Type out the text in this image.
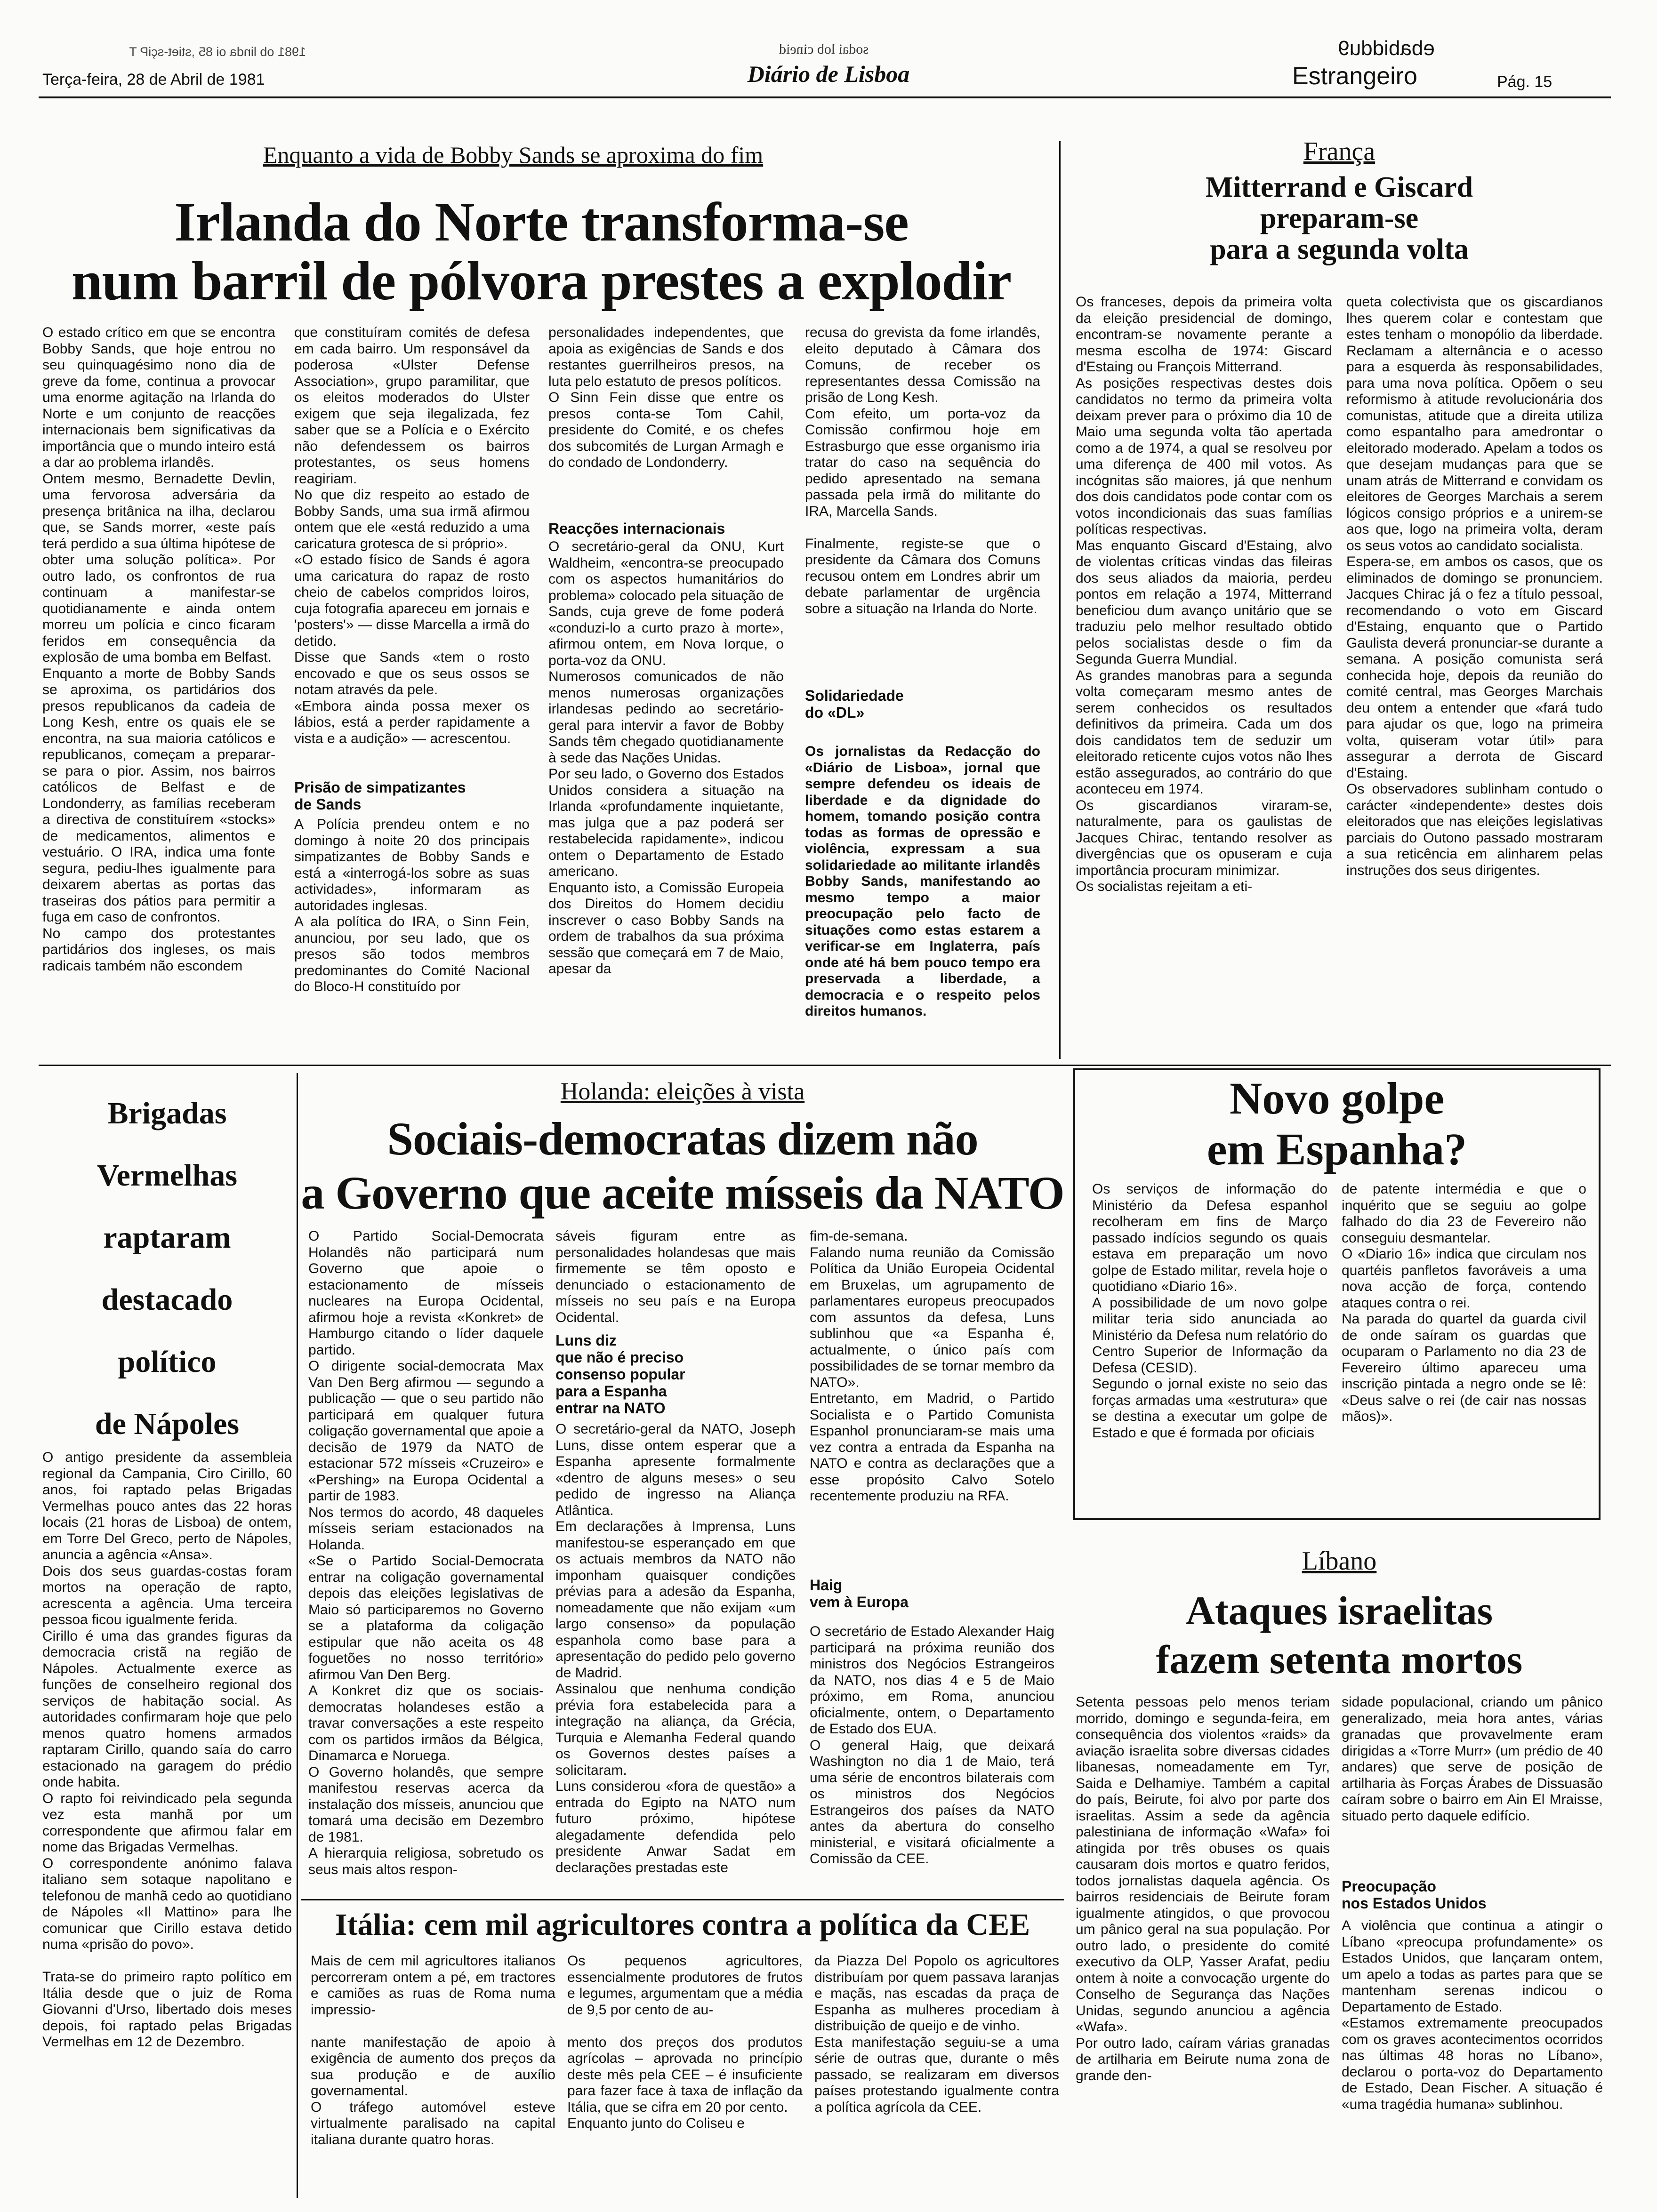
1981 ob linda oi 85 ,stiet-sçiP T
Terça-feira, 28 de Abril de 1981
sodai lob cineid
Diário de Lisboa
ebabiddu9
Estrangeiro	Pág. 15
Enquanto a vida de Bobby Sands se aproxima do fim
Irlanda do Norte transforma-se
num barril de pólvora prestes a explodir
O estado crítico em que se encontra Bobby Sands, que hoje entrou no seu quinquagésimo nono dia de greve da fome, continua a provocar uma enorme agitação na Irlanda do Norte e um conjunto de reacções internacionais bem significativas da importância que o mundo inteiro está a dar ao problema irlandês.
Ontem mesmo, Bernadette Devlin, uma fervorosa adversária da presença britânica na ilha, declarou que, se Sands morrer, «este país terá perdido a sua última hipótese de obter uma solução política». Por outro lado, os confrontos de rua continuam a manifestar-se quotidianamente e ainda ontem morreu um polícia e cinco ficaram feridos em consequência da explosão de uma bomba em Belfast.
Enquanto a morte de Bobby Sands se aproxima, os partidários dos presos republicanos da cadeia de Long Kesh, entre os quais ele se encontra, na sua maioria católicos e republicanos, começam a preparar-se para o pior. Assim, nos bairros católicos de Belfast e de Londonderry, as famílias receberam a directiva de constituírem «stocks» de medicamentos, alimentos e vestuário. O IRA, indica uma fonte segura, pediu-lhes igualmente para deixarem abertas as portas das traseiras dos pátios para permitir a fuga em caso de confrontos.
No campo dos protestantes partidários dos ingleses, os mais radicais também não escondem
que constituíram comités de defesa em cada bairro. Um responsável da poderosa «Ulster Defense Association», grupo paramilitar, que os eleitos moderados do Ulster exigem que seja ilegalizada, fez saber que se a Polícia e o Exército não defendessem os bairros protestantes, os seus homens reagiriam.
No que diz respeito ao estado de Bobby Sands, uma sua irmã afirmou ontem que ele «está reduzido a uma caricatura grotesca de si próprio».
«O estado físico de Sands é agora uma caricatura do rapaz de rosto cheio de cabelos compridos loiros, cuja fotografia apareceu em jornais e 'posters'» — disse Marcella a irmã do detido.
Disse que Sands «tem o rosto encovado e que os seus ossos se notam através da pele.
«Embora ainda possa mexer os lábios, está a perder rapidamente a vista e a audição» — acrescentou.
Prisão de simpatizantes
de Sands
A Polícia prendeu ontem e no domingo à noite 20 dos principais simpatizantes de Bobby Sands e está a «interrogá-los sobre as suas actividades», informaram as autoridades inglesas.
A ala política do IRA, o Sinn Fein, anunciou, por seu lado, que os presos são todos membros predominantes do Comité Nacional do Bloco-H constituído por
personalidades independentes, que apoia as exigências de Sands e dos restantes guerrilheiros presos, na luta pelo estatuto de presos políticos.
O Sinn Fein disse que entre os presos conta-se Tom Cahil, presidente do Comité, e os chefes dos subcomités de Lurgan Armagh e do condado de Londonderry.
Reacções internacionais
O secretário-geral da ONU, Kurt Waldheim, «encontra-se preocupado com os aspectos humanitários do problema» colocado pela situação de Sands, cuja greve de fome poderá «conduzi-lo a curto prazo à morte», afirmou ontem, em Nova Iorque, o porta-voz da ONU.
Numerosos comunicados de não menos numerosas organizações irlandesas pedindo ao secretário-geral para intervir a favor de Bobby Sands têm chegado quotidianamente à sede das Nações Unidas.
Por seu lado, o Governo dos Estados Unidos considera a situação na Irlanda «profundamente inquietante, mas julga que a paz poderá ser restabelecida rapidamente», indicou ontem o Departamento de Estado americano.
Enquanto isto, a Comissão Europeia dos Direitos do Homem decidiu inscrever o caso Bobby Sands na ordem de trabalhos da sua próxima sessão que começará em 7 de Maio, apesar da
recusa do grevista da fome irlandês, eleito deputado à Câmara dos Comuns, de receber os representantes dessa Comissão na prisão de Long Kesh.
Com efeito, um porta-voz da Comissão confirmou hoje em Estrasburgo que esse organismo iria tratar do caso na sequência do pedido apresentado na semana passada pela irmã do militante do IRA, Marcella Sands.

Finalmente, registe-se que o presidente da Câmara dos Comuns recusou ontem em Londres abrir um debate parlamentar de urgência sobre a situação na Irlanda do Norte.
Solidariedade
do «DL»
Os jornalistas da Redacção do «Diário de Lisboa», jornal que sempre defendeu os ideais de liberdade e da dignidade do homem, tomando posição contra todas as formas de opressão e violência, expressam a sua solidariedade ao militante irlandês Bobby Sands, manifestando ao mesmo tempo a maior preocupação pelo facto de situações como estas estarem a verificar-se em Inglaterra, país onde até há bem pouco tempo era preservada a liberdade, a democracia e o respeito pelos direitos humanos.
França
Mitterrand e Giscard
preparam-se
para a segunda volta
Os franceses, depois da primeira volta da eleição presidencial de domingo, encontram-se novamente perante a mesma escolha de 1974: Giscard d'Estaing ou François Mitterrand.
As posições respectivas destes dois candidatos no termo da primeira volta deixam prever para o próximo dia 10 de Maio uma segunda volta tão apertada como a de 1974, a qual se resolveu por uma diferença de 400 mil votos. As incógnitas são maiores, já que nenhum dos dois candidatos pode contar com os votos incondicionais das suas famílias políticas respectivas.
Mas enquanto Giscard d'Estaing, alvo de violentas críticas vindas das fileiras dos seus aliados da maioria, perdeu pontos em relação a 1974, Mitterrand beneficiou dum avanço unitário que se traduziu pelo melhor resultado obtido pelos socialistas desde o fim da Segunda Guerra Mundial.
As grandes manobras para a segunda volta começaram mesmo antes de serem conhecidos os resultados definitivos da primeira. Cada um dos dois candidatos tem de seduzir um eleitorado reticente cujos votos não lhes estão assegurados, ao contrário do que aconteceu em 1974.
Os giscardianos viraram-se, naturalmente, para os gaulistas de Jacques Chirac, tentando resolver as divergências que os opuseram e cuja importância procuram minimizar.
Os socialistas rejeitam a eti-
queta colectivista que os giscardianos lhes querem colar e contestam que estes tenham o monopólio da liberdade. Reclamam a alternância e o acesso para a esquerda às responsabilidades, para uma nova política. Opõem o seu reformismo à atitude revolucionária dos comunistas, atitude que a direita utiliza como espantalho para amedrontar o eleitorado moderado. Apelam a todos os que desejam mudanças para que se unam atrás de Mitterrand e convidam os eleitores de Georges Marchais a serem lógicos consigo próprios e a unirem-se aos que, logo na primeira volta, deram os seus votos ao candidato socialista.
Espera-se, em ambos os casos, que os eliminados de domingo se pronunciem. Jacques Chirac já o fez a título pessoal, recomendando o voto em Giscard d'Estaing, enquanto que o Partido Gaulista deverá pronunciar-se durante a semana. A posição comunista será conhecida hoje, depois da reunião do comité central, mas Georges Marchais deu ontem a entender que «fará tudo para ajudar os que, logo na primeira volta, quiseram votar útil» para assegurar a derrota de Giscard d'Estaing.
Os observadores sublinham contudo o carácter «independente» destes dois eleitorados que nas eleições legislativas parciais do Outono passado mostraram a sua reticência em alinharem pelas instruções dos seus dirigentes.
Brigadas
Vermelhas
raptaram
destacado
político
de Nápoles
O antigo presidente da assembleia regional da Campania, Ciro Cirillo, 60 anos, foi raptado pelas Brigadas Vermelhas pouco antes das 22 horas locais (21 horas de Lisboa) de ontem, em Torre Del Greco, perto de Nápoles, anuncia a agência «Ansa».
Dois dos seus guardas-costas foram mortos na operação de rapto, acrescenta a agência. Uma terceira pessoa ficou igualmente ferida.
Cirillo é uma das grandes figuras da democracia cristã na região de Nápoles. Actualmente exerce as funções de conselheiro regional dos serviços de habitação social. As autoridades confirmaram hoje que pelo menos quatro homens armados raptaram Cirillo, quando saía do carro estacionado na garagem do prédio onde habita.
O rapto foi reivindicado pela segunda vez esta manhã por um correspondente que afirmou falar em nome das Brigadas Vermelhas.
O correspondente anónimo falava italiano sem sotaque napolitano e telefonou de manhã cedo ao quotidiano de Nápoles «Il Mattino» para lhe comunicar que Cirillo estava detido numa «prisão do povo».

Trata-se do primeiro rapto político em Itália desde que o juiz de Roma Giovanni d'Urso, libertado dois meses depois, foi raptado pelas Brigadas Vermelhas em 12 de Dezembro.
Holanda: eleições à vista
Sociais-democratas dizem não
a Governo que aceite mísseis da NATO
O Partido Social-Democrata Holandês não participará num Governo que apoie o estacionamento de mísseis nucleares na Europa Ocidental, afirmou hoje a revista «Konkret» de Hamburgo citando o líder daquele partido.
O dirigente social-democrata Max Van Den Berg afirmou — segundo a publicação — que o seu partido não participará em qualquer futura coligação governamental que apoie a decisão de 1979 da NATO de estacionar 572 mísseis «Cruzeiro» e «Pershing» na Europa Ocidental a partir de 1983.
Nos termos do acordo, 48 daqueles mísseis seriam estacionados na Holanda.
«Se o Partido Social-Democrata entrar na coligação governamental depois das eleições legislativas de Maio só participaremos no Governo se a plataforma da coligação estipular que não aceita os 48 foguetões no nosso território» afirmou Van Den Berg.
A Konkret diz que os sociais-democratas holandeses estão a travar conversações a este respeito com os partidos irmãos da Bélgica, Dinamarca e Noruega.
O Governo holandês, que sempre manifestou reservas acerca da instalação dos mísseis, anunciou que tomará uma decisão em Dezembro de 1981.
A hierarquia religiosa, sobretudo os seus mais altos respon-
sáveis figuram entre as personalidades holandesas que mais firmemente se têm oposto e denunciado o estacionamento de mísseis no seu país e na Europa Ocidental.
Luns diz
que não é preciso
consenso popular
para a Espanha
entrar na NATO
O secretário-geral da NATO, Joseph Luns, disse ontem esperar que a Espanha apresente formalmente «dentro de alguns meses» o seu pedido de ingresso na Aliança Atlântica.
Em declarações à Imprensa, Luns manifestou-se esperançado em que os actuais membros da NATO não imponham quaisquer condições prévias para a adesão da Espanha, nomeadamente que não exijam «um largo consenso» da população espanhola como base para a apresentação do pedido pelo governo de Madrid.
Assinalou que nenhuma condição prévia fora estabelecida para a integração na aliança, da Grécia, Turquia e Alemanha Federal quando os Governos destes países a solicitaram.
Luns considerou «fora de questão» a entrada do Egipto na NATO num futuro próximo, hipótese alegadamente defendida pelo presidente Anwar Sadat em declarações prestadas este
fim-de-semana.
Falando numa reunião da Comissão Política da União Europeia Ocidental em Bruxelas, um agrupamento de parlamentares europeus preocupados com assuntos da defesa, Luns sublinhou que «a Espanha é, actualmente, o único país com possibilidades de se tornar membro da NATO».
Entretanto, em Madrid, o Partido Socialista e o Partido Comunista Espanhol pronunciaram-se mais uma vez contra a entrada da Espanha na NATO e contra as declarações que a esse propósito Calvo Sotelo recentemente produziu na RFA.
Haig
vem à Europa
O secretário de Estado Alexander Haig participará na próxima reunião dos ministros dos Negócios Estrangeiros da NATO, nos dias 4 e 5 de Maio próximo, em Roma, anunciou oficialmente, ontem, o Departamento de Estado dos EUA.
O general Haig, que deixará Washington no dia 1 de Maio, terá uma série de encontros bilaterais com os ministros dos Negócios Estrangeiros dos países da NATO antes da abertura do conselho ministerial, e visitará oficialmente a Comissão da CEE.
Novo golpe
em Espanha?
Os serviços de informação do Ministério da Defesa espanhol recolheram em fins de Março passado indícios segundo os quais estava em preparação um novo golpe de Estado militar, revela hoje o quotidiano «Diario 16».
A possibilidade de um novo golpe militar teria sido anunciada ao Ministério da Defesa num relatório do Centro Superior de Informação da Defesa (CESID).
Segundo o jornal existe no seio das forças armadas uma «estrutura» que se destina a executar um golpe de Estado e que é formada por oficiais
de patente intermédia e que o inquérito que se seguiu ao golpe falhado do dia 23 de Fevereiro não conseguiu desmantelar.
O «Diario 16» indica que circulam nos quartéis panfletos favoráveis a uma nova acção de força, contendo ataques contra o rei.
Na parada do quartel da guarda civil de onde saíram os guardas que ocuparam o Parlamento no dia 23 de Fevereiro último apareceu uma inscrição pintada a negro onde se lê: «Deus salve o rei (de cair nas nossas mãos)».
Líbano
Ataques israelitas
fazem setenta mortos
Setenta pessoas pelo menos teriam morrido, domingo e segunda-feira, em consequência dos violentos «raids» da aviação israelita sobre diversas cidades libanesas, nomeadamente em Tyr, Saida e Delhamiye. Também a capital do país, Beirute, foi alvo por parte dos israelitas. Assim a sede da agência palestiniana de informação «Wafa» foi atingida por três obuses os quais causaram dois mortos e quatro feridos, todos jornalistas daquela agência. Os bairros residenciais de Beirute foram igualmente atingidos, o que provocou um pânico geral na sua população. Por outro lado, o presidente do comité executivo da OLP, Yasser Arafat, pediu ontem à noite a convocação urgente do Conselho de Segurança das Nações Unidas, segundo anunciou a agência «Wafa».
Por outro lado, caíram várias granadas de artilharia em Beirute numa zona de grande den-
sidade populacional, criando um pânico generalizado, meia hora antes, várias granadas que provavelmente eram dirigidas a «Torre Murr» (um prédio de 40 andares) que serve de posição de artilharia às Forças Árabes de Dissuasão caíram sobre o bairro em Ain El Mraisse, situado perto daquele edifício.
Preocupação
nos Estados Unidos
A violência que continua a atingir o Líbano «preocupa profundamente» os Estados Unidos, que lançaram ontem, um apelo a todas as partes para que se mantenham serenas indicou o Departamento de Estado.
«Estamos extremamente preocupados com os graves acontecimentos ocorridos nas últimas 48 horas no Líbano», declarou o porta-voz do Departamento de Estado, Dean Fischer. A situação é «uma tragédia humana» sublinhou.
Itália: cem mil agricultores contra a política da CEE
Mais de cem mil agricultores italianos percorreram ontem a pé, em tractores e camiões as ruas de Roma numa impressio-

nante manifestação de apoio à exigência de aumento dos preços da sua produção e de auxílio governamental.
O tráfego automóvel esteve virtualmente paralisado na capital italiana durante quatro horas.
Os pequenos agricultores, essencialmente produtores de frutos e legumes, argumentam que a média de 9,5 por cento de au-

mento dos preços dos produtos agrícolas – aprovada no princípio deste mês pela CEE – é insuficiente para fazer face à taxa de inflação da Itália, que se cifra em 20 por cento.
Enquanto junto do Coliseu e
da Piazza Del Popolo os agricultores distribuíam por quem passava laranjas e maçãs, nas escadas da praça de Espanha as mulheres procediam à distribuição de queijo e de vinho.
Esta manifestação seguiu-se a uma série de outras que, durante o mês passado, se realizaram em diversos países protestando igualmente contra a política agrícola da CEE.
